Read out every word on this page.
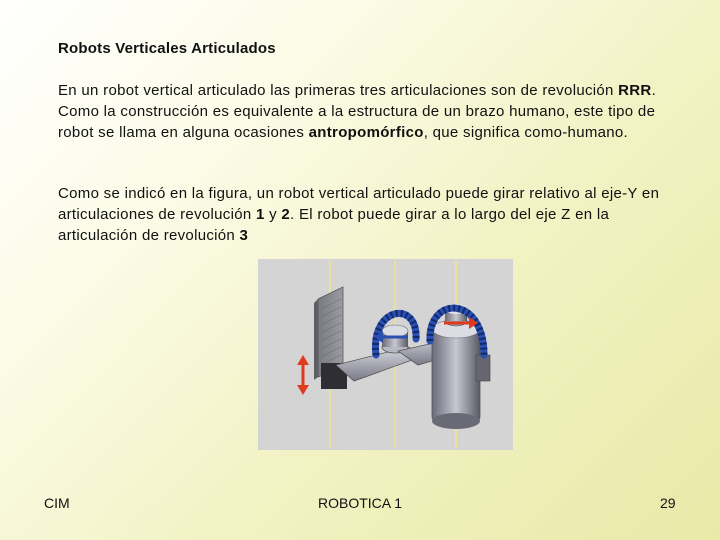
Robots Verticales Articulados

En un robot vertical articulado las primeras tres articulaciones son de revolución RRR. Como la construcción es equivalente a la estructura de un brazo humano, este tipo de robot se llama en alguna ocasiones antropomórfico, que significa como-humano.

Como se indicó en la figura, un robot vertical articulado puede girar relativo al eje-Y en articulaciones de revolución 1 y 2. El robot puede girar a lo largo del eje Z en la articulación de revolución 3

CIM	ROBOTICA 1	29
